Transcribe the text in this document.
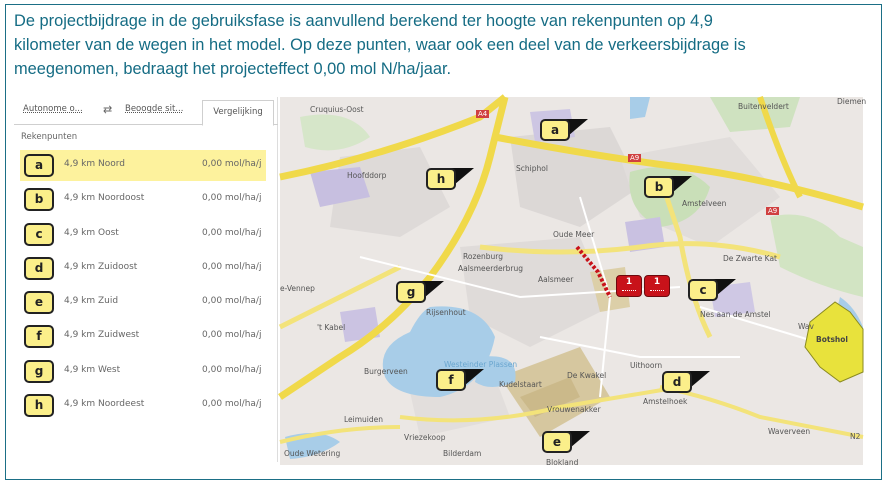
De projectbijdrage in de gebruiksfase is aanvullend berekend ter hoogte van rekenpunten op 4,9
kilometer van de wegen in het model. Op deze punten, waar ook een deel van de verkeersbijdrage is
meegenomen, bedraagt het projecteffect 0,00 mol N/ha/jaar.
Autonome o... ⇄ Beoogde sit...	Vergelijking
Rekenpunten
a	4,9 km Noord	0,00 mol/ha/j
b	4,9 km Noordoost	0,00 mol/ha/j
c	4,9 km Oost	0,00 mol/ha/j
d	4,9 km Zuidoost	0,00 mol/ha/j
e	4,9 km Zuid	0,00 mol/ha/j
f	4,9 km Zuidwest	0,00 mol/ha/j
g	4,9 km West	0,00 mol/ha/j
h	4,9 km Noordeest	0,00 mol/ha/j
Cruquius-Oost	A4
Buitenveldert
Diemen
Hoofddorp
Schiphol
A9
Amstelveen
A9
Oude Meer
De Zwarte Kat
Rozenburg
Aalsmeerderbrug
Aalsmeer
e-Vennep
Rijsenhout	Nes aan de Amstel
Wav
't Kabel
Botshol
Burgerveen
Westeinder Plassen	Uithoorn
De Kwakel
Kudelstaart
Amstelhoek
Leimuiden
Vrouwenakker
Waverveen
Vriezekoop
Oude Wetering	Bilderdam
Blokland
N2
a
b
c
d
e
f
g
h
1	1
